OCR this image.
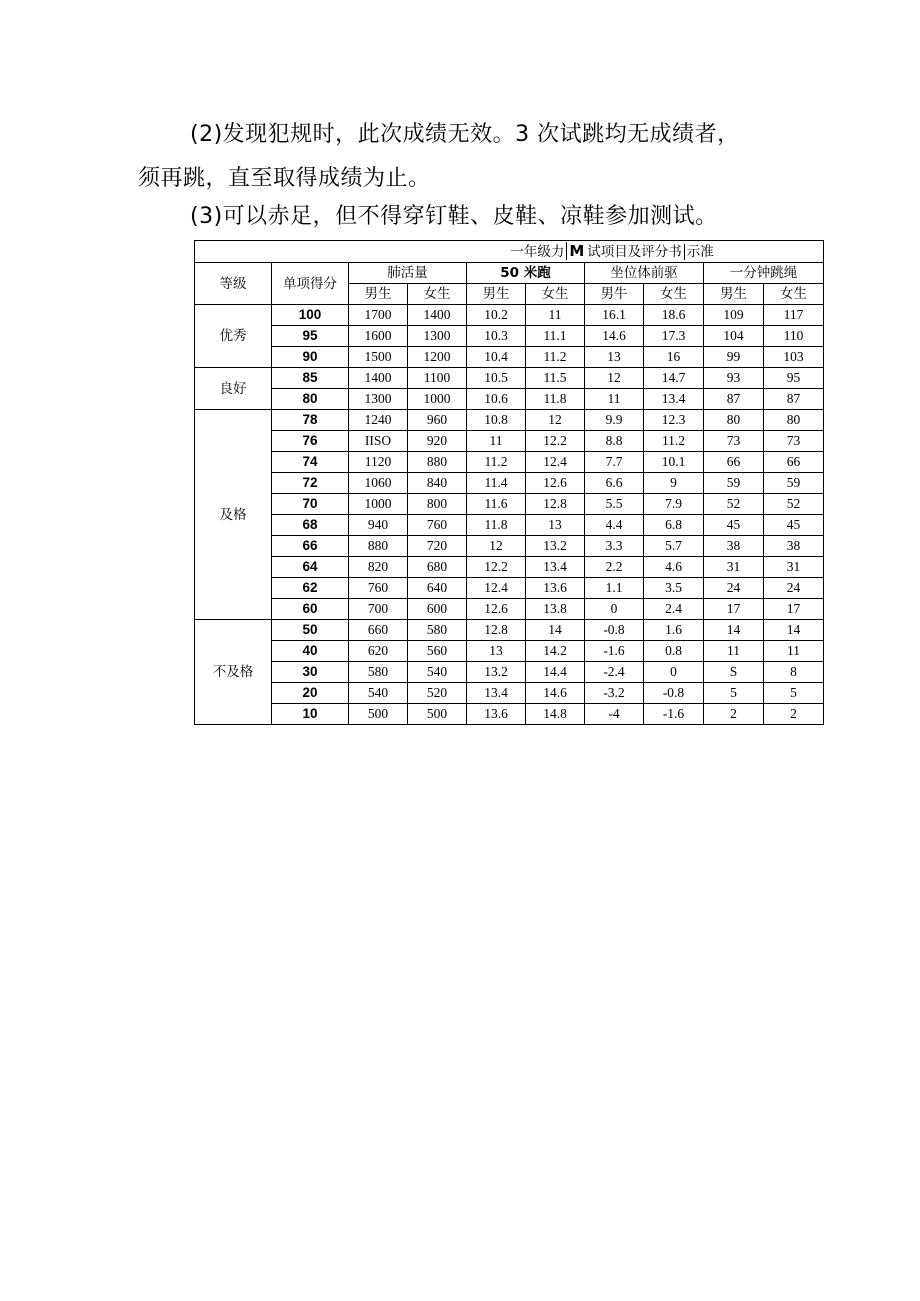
(2)发现犯规时，此次成绩无效。3 次试跳均无成绩者，
须再跳，直至取得成绩为止。
(3)可以赤足，但不得穿钉鞋、皮鞋、凉鞋参加测试。
一年级力 M 试项目及评分书 示准									
等级	单项得分	肺活量		50 米跑		坐位体前驱		一分钟跳绳	
		男生	女生	男生	女生	男牛	女生	男生	女生
优秀	100	1700	1400	10.2	11	16.1	18.6	109	117
	95	1600	1300	10.3	11.1	14.6	17.3	104	110
	90	1500	1200	10.4	11.2	13	16	99	103
良好	85	1400	1100	10.5	11.5	12	14.7	93	95
	80	1300	1000	10.6	11.8	11	13.4	87	87
及格	78	1240	960	10.8	12	9.9	12.3	80	80
	76	IISO	920	11	12.2	8.8	11.2	73	73
	74	1120	880	11.2	12.4	7.7	10.1	66	66
	72	1060	840	11.4	12.6	6.6	9	59	59
	70	1000	800	11.6	12.8	5.5	7.9	52	52
	68	940	760	11.8	13	4.4	6.8	45	45
	66	880	720	12	13.2	3.3	5.7	38	38
	64	820	680	12.2	13.4	2.2	4.6	31	31
	62	760	640	12.4	13.6	1.1	3.5	24	24
	60	700	600	12.6	13.8	0	2.4	17	17
不及格	50	660	580	12.8	14	-0.8	1.6	14	14
	40	620	560	13	14.2	-1.6	0.8	11	11
	30	580	540	13.2	14.4	-2.4	0	S	8
	20	540	520	13.4	14.6	-3.2	-0.8	5	5
	10	500	500	13.6	14.8	-4	-1.6	2	2
